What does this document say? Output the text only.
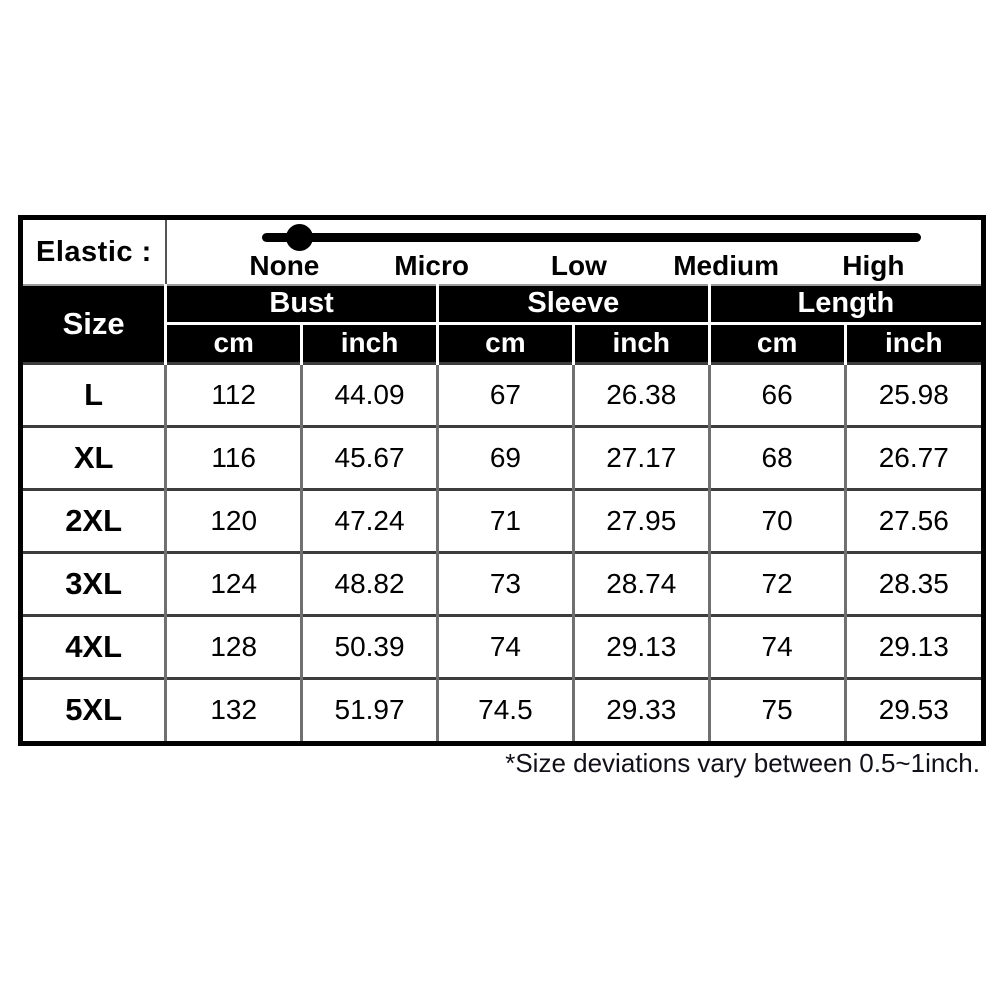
Elastic :	None Micro Low Medium High					

Size	Bust		Sleeve		Length	
	cm	inch	cm	inch	cm	inch
L	112	44.09	67	26.38	66	25.98
XL	116	45.67	69	27.17	68	26.77
2XL	120	47.24	71	27.95	70	27.56
3XL	124	48.82	73	28.74	72	28.35
4XL	128	50.39	74	29.13	74	29.13
5XL	132	51.97	74.5	29.33	75	29.53
*Size deviations vary between 0.5~1inch.
